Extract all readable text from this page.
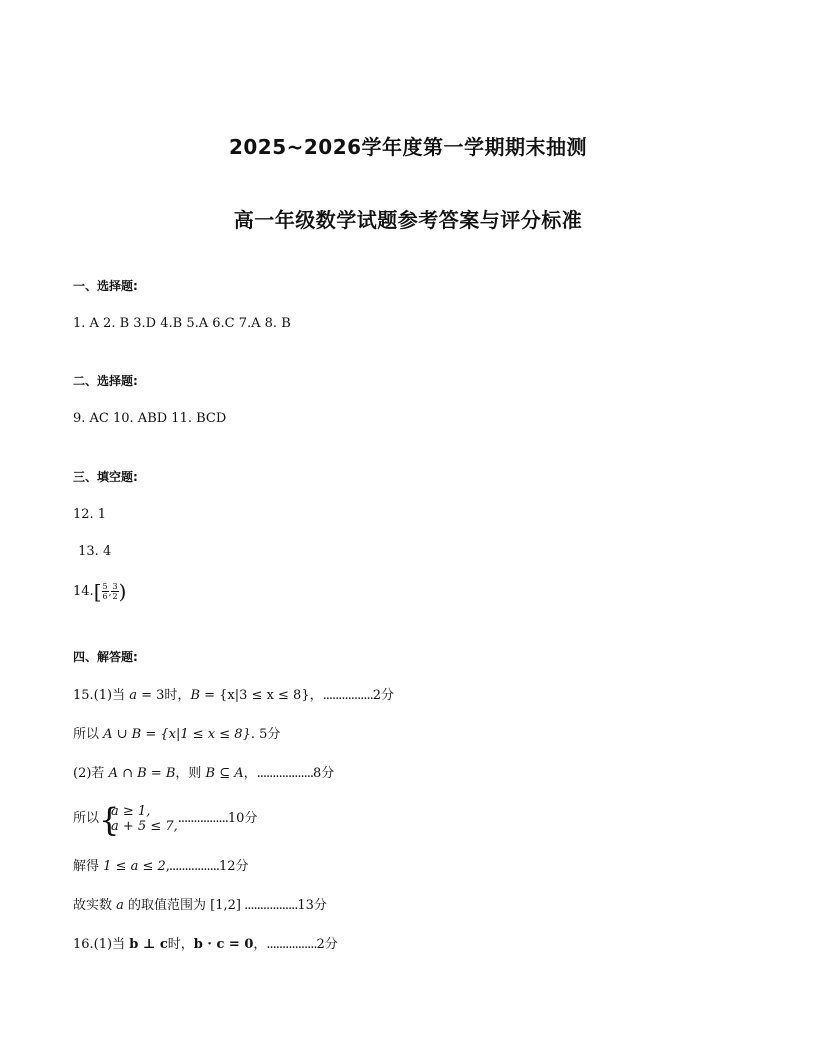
2025~2026学年度第一学期期末抽测
高一年级数学试题参考答案与评分标准
一、选择题:
1. A 2. B 3.D 4.B 5.A 6.C 7.A 8. B
二、选择题:
9. AC 10. ABD 11. BCD
三、填空题:
12. 1
13. 4
$14.[ \frac{5}{6}$ , $\frac{3}{2}$ )
四、解答题:
15.(1)当 a = 3时，B = {x|3 ≤ x ≤ 8}，................2分
所以 A ∪ B = {x|1 ≤ x ≤ 8}. 5分
(2)若 A ∩ B = B，则 B ⊆ A，..................8分
所以 {
a ≥ 1,
a + 5 ≤ 7,
................10分
解得 1 ≤ a ≤ 2,................12分
故实数 a 的取值范围为 [1,2] .................13分
16.(1)当 b ⊥ c时，b · c = 0，................2分
